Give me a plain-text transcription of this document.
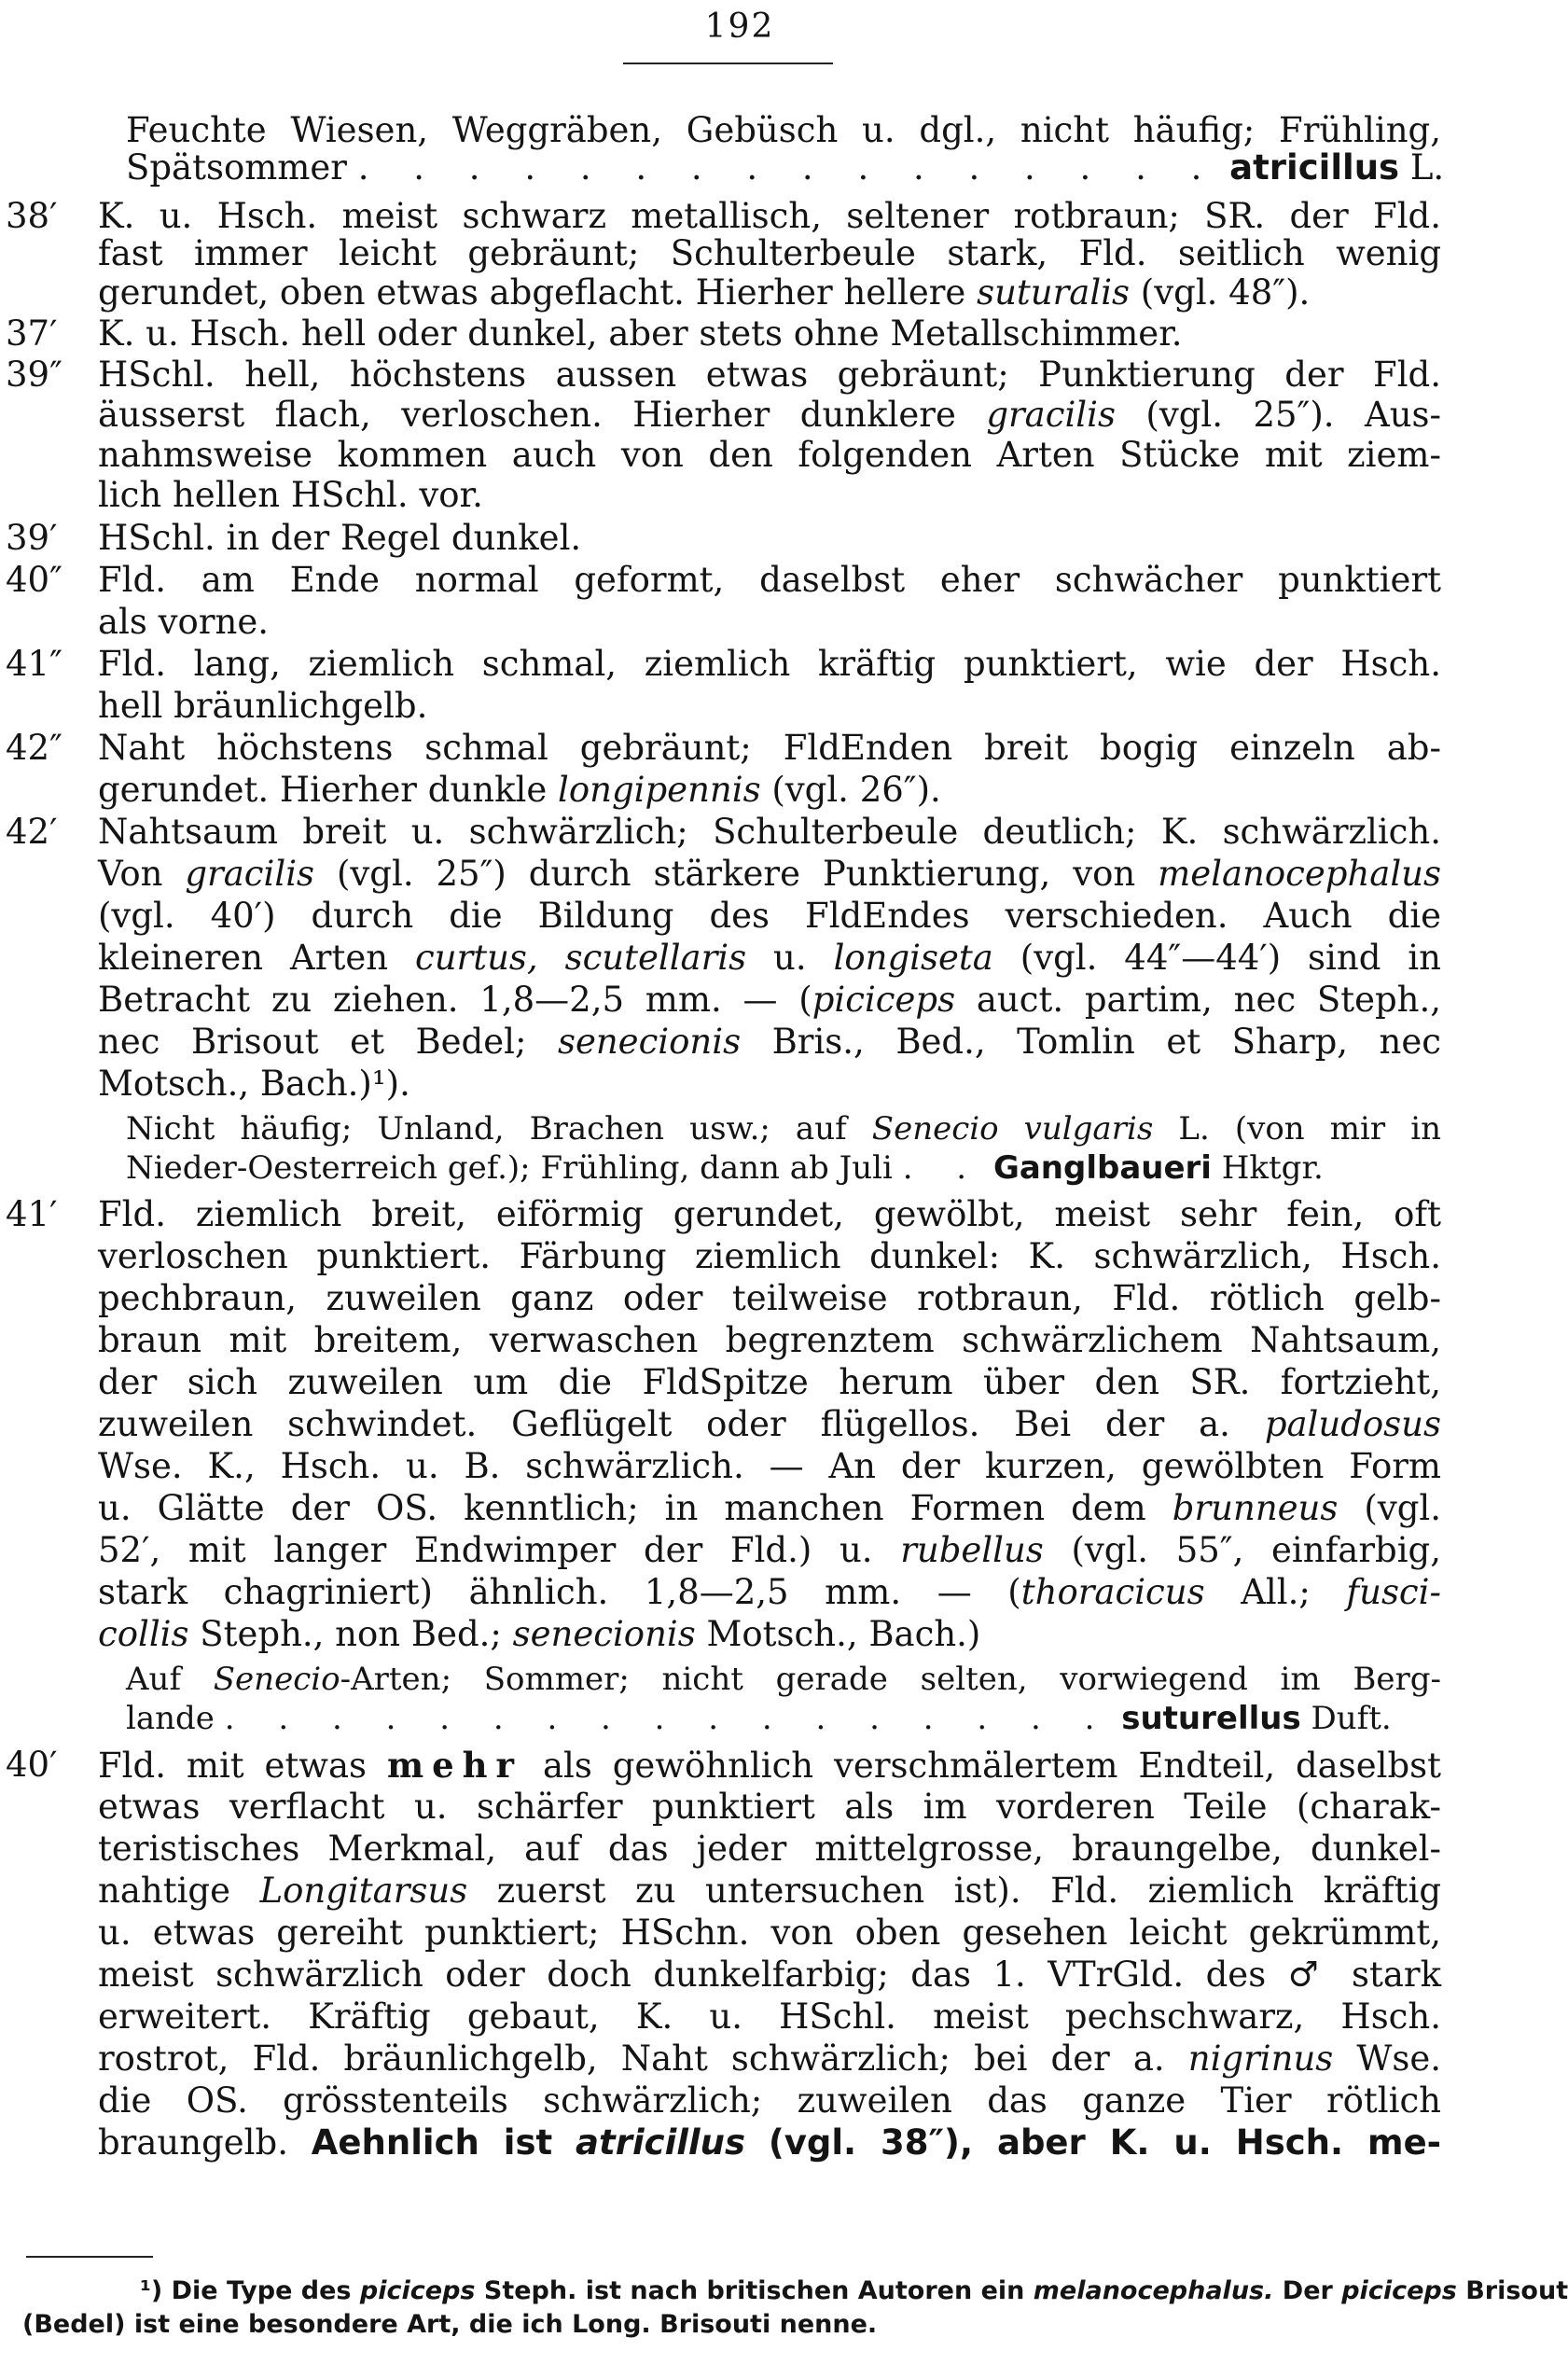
192
Feuchte Wiesen, Weggräben, Gebüsch u. dgl., nicht häufig; Frühling,
Spätsommer . . . . . . . . . . . . . . . . atricillus L.
38′	K. u. Hsch. meist schwarz metallisch, seltener rotbraun; SR. der Fld.
fast immer leicht gebräunt; Schulterbeule stark, Fld. seitlich wenig
gerundet, oben etwas abgeflacht. Hierher hellere suturalis (vgl. 48″).
37′	K. u. Hsch. hell oder dunkel, aber stets ohne Metallschimmer.
39″	HSchl. hell, höchstens aussen etwas gebräunt; Punktierung der Fld.
äusserst flach, verloschen. Hierher dunklere gracilis (vgl. 25″). Aus-
nahmsweise kommen auch von den folgenden Arten Stücke mit ziem-
lich hellen HSchl. vor.
39′	HSchl. in der Regel dunkel.
40″	Fld. am Ende normal geformt, daselbst eher schwächer punktiert
als vorne.
41″	Fld. lang, ziemlich schmal, ziemlich kräftig punktiert, wie der Hsch.
hell bräunlichgelb.
42″	Naht höchstens schmal gebräunt; FldEnden breit bogig einzeln ab-
gerundet. Hierher dunkle longipennis (vgl. 26″).
42′	Nahtsaum breit u. schwärzlich; Schulterbeule deutlich; K. schwärzlich.
Von gracilis (vgl. 25″) durch stärkere Punktierung, von melanocephalus
(vgl. 40′) durch die Bildung des FldEndes verschieden. Auch die
kleineren Arten curtus, scutellaris u. longiseta (vgl. 44″—44′) sind in
Betracht zu ziehen. 1,8—2,5 mm. — (piciceps auct. partim, nec Steph.,
nec Brisout et Bedel; senecionis Bris., Bed., Tomlin et Sharp, nec
Motsch., Bach.)¹).
Nicht häufig; Unland, Brachen usw.; auf Senecio vulgaris L. (von mir in
Nieder-Oesterreich gef.); Frühling, dann ab Juli . . Ganglbaueri Hktgr.
41′	Fld. ziemlich breit, eiförmig gerundet, gewölbt, meist sehr fein, oft
verloschen punktiert. Färbung ziemlich dunkel: K. schwärzlich, Hsch.
pechbraun, zuweilen ganz oder teilweise rotbraun, Fld. rötlich gelb-
braun mit breitem, verwaschen begrenztem schwärzlichem Nahtsaum,
der sich zuweilen um die FldSpitze herum über den SR. fortzieht,
zuweilen schwindet. Geflügelt oder flügellos. Bei der a. paludosus
Wse. K., Hsch. u. B. schwärzlich. — An der kurzen, gewölbten Form
u. Glätte der OS. kenntlich; in manchen Formen dem brunneus (vgl.
52′, mit langer Endwimper der Fld.) u. rubellus (vgl. 55″, einfarbig,
stark chagriniert) ähnlich. 1,8—2,5 mm. — (thoracicus All.; fusci-
collis Steph., non Bed.; senecionis Motsch., Bach.)
Auf Senecio-Arten; Sommer; nicht gerade selten, vorwiegend im Berg-
lande . . . . . . . . . . . . . . . . . suturellus Duft.
40′	Fld. mit etwas mehr als gewöhnlich verschmälertem Endteil, daselbst
etwas verflacht u. schärfer punktiert als im vorderen Teile (charak-
teristisches Merkmal, auf das jeder mittelgrosse, braungelbe, dunkel-
nahtige Longitarsus zuerst zu untersuchen ist). Fld. ziemlich kräftig
u. etwas gereiht punktiert; HSchn. von oben gesehen leicht gekrümmt,
meist schwärzlich oder doch dunkelfarbig; das 1. VTrGld. des ♂ stark
erweitert. Kräftig gebaut, K. u. HSchl. meist pechschwarz, Hsch.
rostrot, Fld. bräunlichgelb, Naht schwärzlich; bei der a. nigrinus Wse.
die OS. grösstenteils schwärzlich; zuweilen das ganze Tier rötlich
braungelb. Aehnlich ist atricillus (vgl. 38″), aber K. u. Hsch. me-
¹) Die Type des piciceps Steph. ist nach britischen Autoren ein melanocephalus. Der piciceps Brisout
(Bedel) ist eine besondere Art, die ich Long. Brisouti nenne.
